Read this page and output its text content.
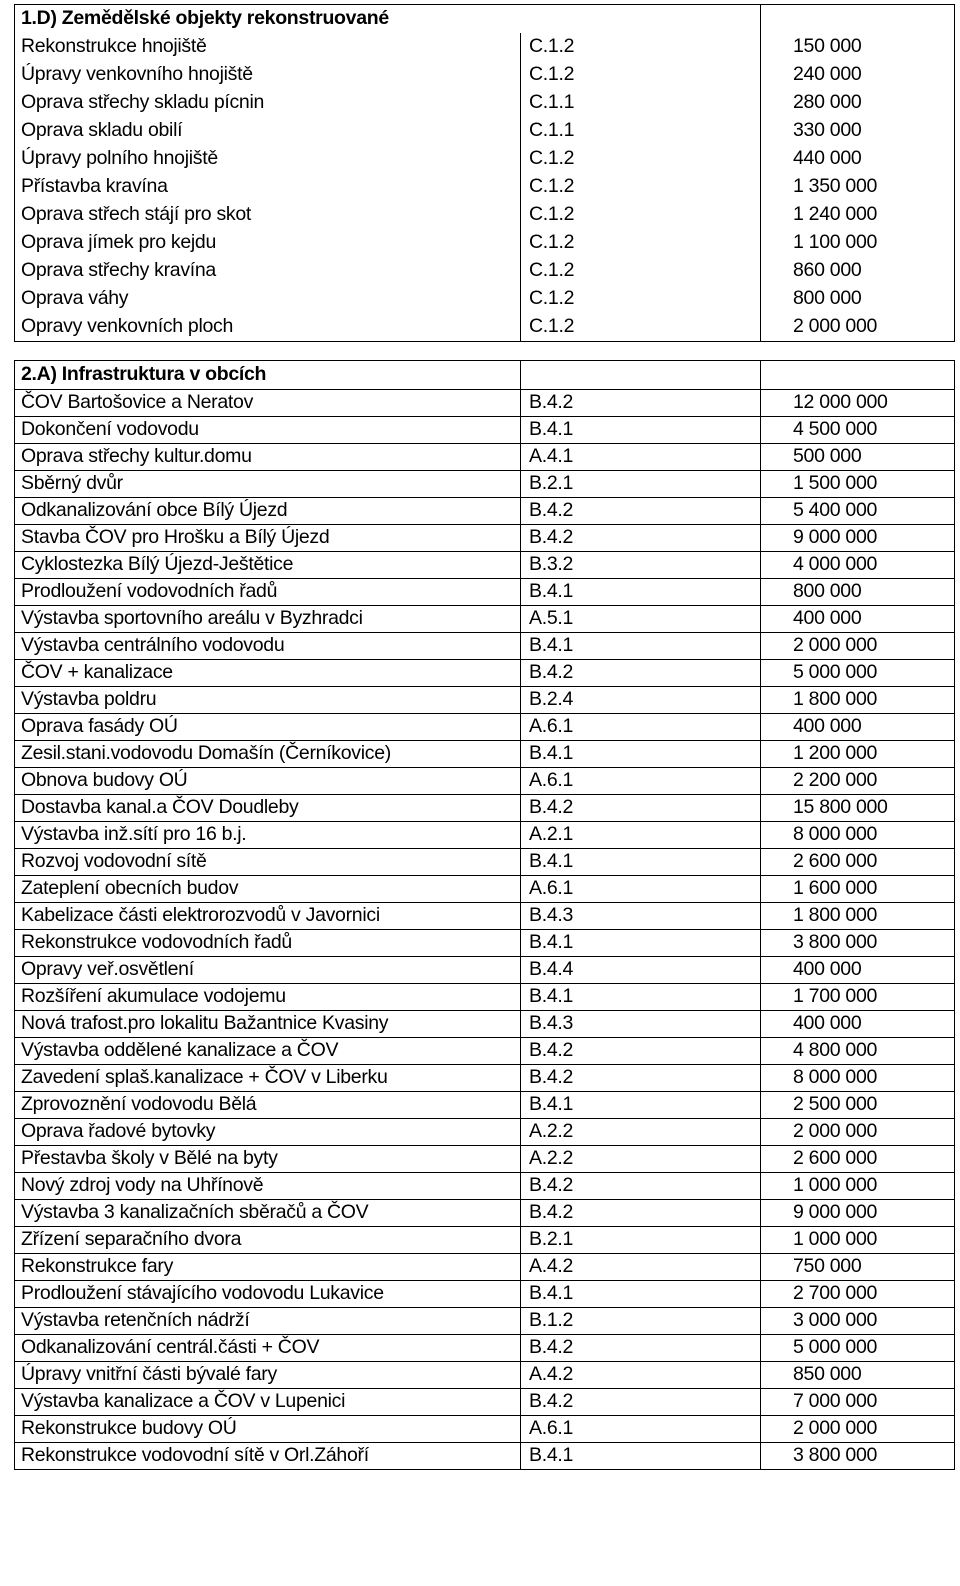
1.D) Zemědělské objekty rekonstruované		
Rekonstrukce hnojiště	C.1.2	150 000
Úpravy venkovního hnojiště	C.1.2	240 000
Oprava střechy skladu pícnin	C.1.1	280 000
Oprava skladu obilí	C.1.1	330 000
Úpravy polního hnojiště	C.1.2	440 000
Přístavba kravína	C.1.2	1 350 000
Oprava střech stájí pro skot	C.1.2	1 240 000
Oprava jímek pro kejdu	C.1.2	1 100 000
Oprava střechy kravína	C.1.2	860 000
Oprava váhy	C.1.2	800 000
Opravy venkovních ploch	C.1.2	2 000 000
2.A) Infrastruktura v obcích		
ČOV Bartošovice a Neratov	B.4.2	12 000 000
Dokončení vodovodu	B.4.1	4 500 000
Oprava střechy kultur.domu	A.4.1	500 000
Sběrný dvůr	B.2.1	1 500 000
Odkanalizování obce Bílý Újezd	B.4.2	5 400 000
Stavba ČOV pro Hrošku a Bílý Újezd	B.4.2	9 000 000
Cyklostezka Bílý Újezd-Ještětice	B.3.2	4 000 000
Prodloužení vodovodních řadů	B.4.1	800 000
Výstavba sportovního areálu v Byzhradci	A.5.1	400 000
Výstavba centrálního vodovodu	B.4.1	2 000 000
ČOV + kanalizace	B.4.2	5 000 000
Výstavba poldru	B.2.4	1 800 000
Oprava fasády OÚ	A.6.1	400 000
Zesil.stani.vodovodu Domašín (Černíkovice)	B.4.1	1 200 000
Obnova budovy OÚ	A.6.1	2 200 000
Dostavba kanal.a ČOV Doudleby	B.4.2	15 800 000
Výstavba inž.sítí pro 16 b.j.	A.2.1	8 000 000
Rozvoj vodovodní sítě	B.4.1	2 600 000
Zateplení obecních budov	A.6.1	1 600 000
Kabelizace části elektrorozvodů v Javornici	B.4.3	1 800 000
Rekonstrukce vodovodních řadů	B.4.1	3 800 000
Opravy veř.osvětlení	B.4.4	400 000
Rozšíření akumulace vodojemu	B.4.1	1 700 000
Nová trafost.pro lokalitu Bažantnice Kvasiny	B.4.3	400 000
Výstavba oddělené kanalizace a ČOV	B.4.2	4 800 000
Zavedení splaš.kanalizace + ČOV v Liberku	B.4.2	8 000 000
Zprovoznění vodovodu Bělá	B.4.1	2 500 000
Oprava řadové bytovky	A.2.2	2 000 000
Přestavba školy v Bělé na byty	A.2.2	2 600 000
Nový zdroj vody na Uhřínově	B.4.2	1 000 000
Výstavba 3 kanalizačních sběračů a ČOV	B.4.2	9 000 000
Zřízení separačního dvora	B.2.1	1 000 000
Rekonstrukce fary	A.4.2	750 000
Prodloužení stávajícího vodovodu Lukavice	B.4.1	2 700 000
Výstavba retenčních nádrží	B.1.2	3 000 000
Odkanalizování centrál.části + ČOV	B.4.2	5 000 000
Úpravy vnitřní části bývalé fary	A.4.2	850 000
Výstavba kanalizace a ČOV v Lupenici	B.4.2	7 000 000
Rekonstrukce budovy OÚ	A.6.1	2 000 000
Rekonstrukce vodovodní sítě v Orl.Záhoří	B.4.1	3 800 000
